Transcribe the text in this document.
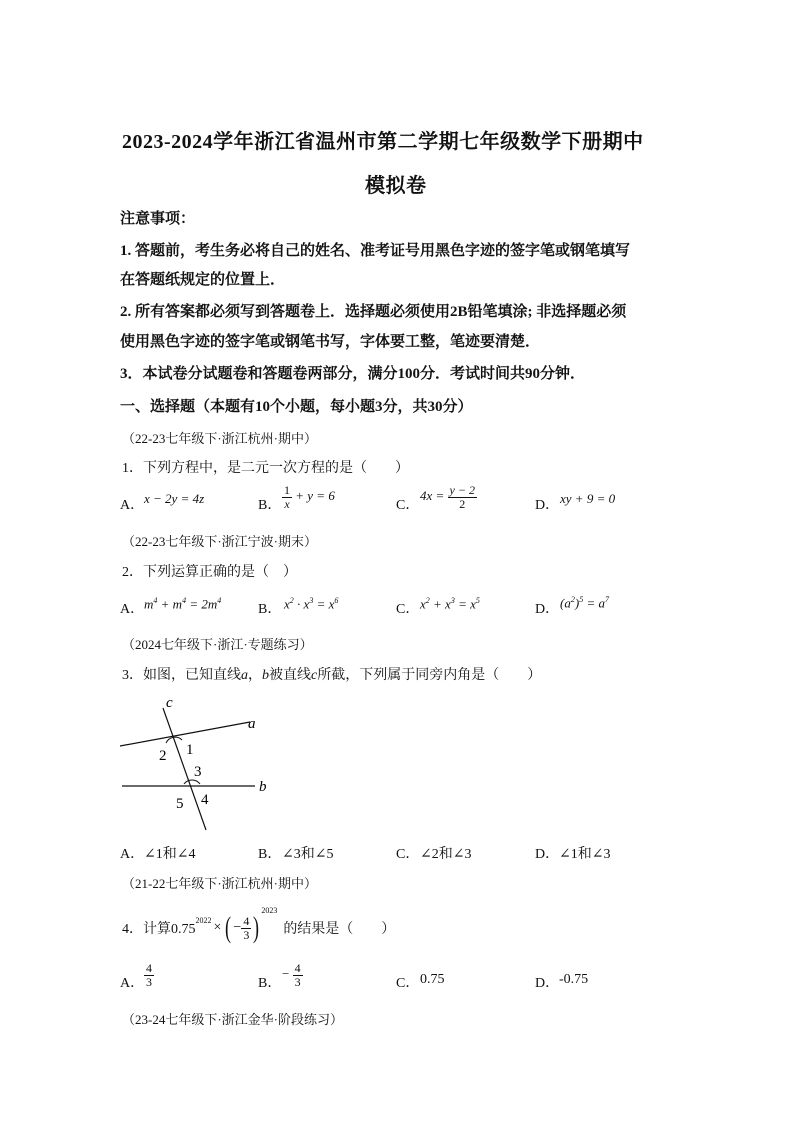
2023-2024学年浙江省温州市第二学期七年级数学下册期中
模拟卷
注意事项：
1. 答题前，考生务必将自己的姓名、准考证号用黑色字迹的签字笔或钢笔填写
在答题纸规定的位置上．
2. 所有答案都必须写到答题卷上．选择题必须使用2B铅笔填涂; 非选择题必须
使用黑色字迹的签字笔或钢笔书写，字体要工整，笔迹要清楚．
3．本试卷分试题卷和答题卷两部分，满分100分．考试时间共90分钟．
一、选择题（本题有10个小题，每小题3分，共30分）
（22-23七年级下·浙江杭州·期中）
1．下列方程中，是二元一次方程的是（　　）
A． x − 2y = 4z	B． $\frac{1}{x} + y = 6$
C．
$4x = \frac{y - 2}{2}$	D． xy + 9 = 0
（22-23七年级下·浙江宁波·期末）
2．下列运算正确的是（　）
A． $m^4 + m^4 = 2m^4$
B． $x^2 \cdot x^3 = x^6$
C． $x^2 + x^3 = x^5$
D． $(a^2)^5 = a^7$
（2024七年级下·浙江·专题练习）
3．如图，已知直线a，b被直线c所截，下列属于同旁内角是（　　）
c
a
b
1
2
3
4
5
A． ∠1和∠4	B． ∠3和∠5	C． ∠2和∠3	D． ∠1和∠3
（21-22七年级下·浙江杭州·期中）
4．计算0.75
$^{2022}$ × ( − $\frac{4}{3}$ )
$^{2023}$
的结果是（　　）
A． $\frac{4}{3}$	B．
− $\frac{4}{3}$	C． 0.75	D． -0.75
（23-24七年级下·浙江金华·阶段练习）
